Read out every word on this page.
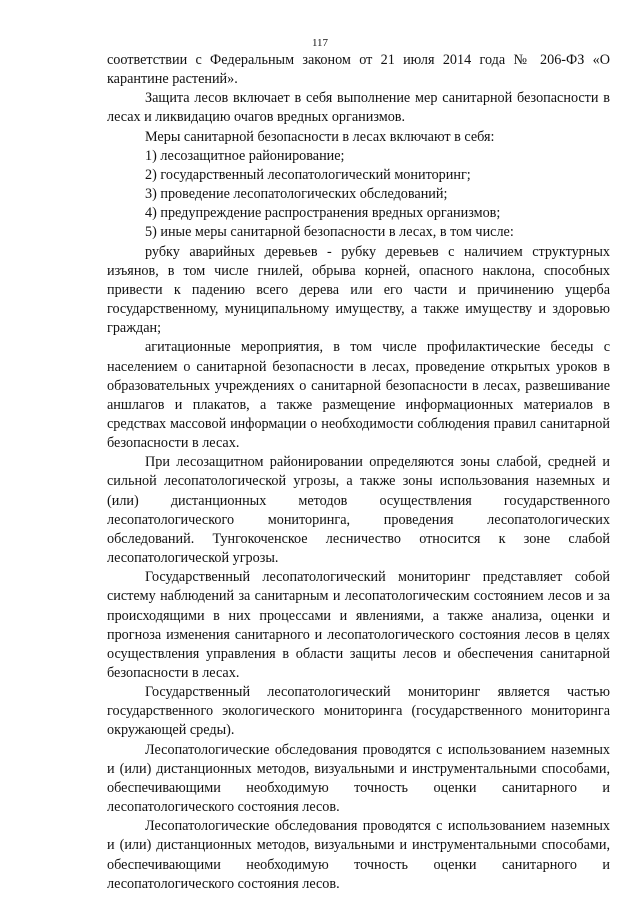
117

соответствии с Федеральным законом от 21 июля 2014 года № 206-ФЗ «О карантине растений».

Защита лесов включает в себя выполнение мер санитарной безопасности в лесах и ликвидацию очагов вредных организмов.

Меры санитарной безопасности в лесах включают в себя:

1) лесозащитное районирование;

2) государственный лесопатологический мониторинг;

3) проведение лесопатологических обследований;

4) предупреждение распространения вредных организмов;

5) иные меры санитарной безопасности в лесах, в том числе:

рубку аварийных деревьев - рубку деревьев с наличием структурных изъянов, в том числе гнилей, обрыва корней, опасного наклона, способных привести к падению всего дерева или его части и причинению ущерба государственному, муниципальному имуществу, а также имуществу и здоровью граждан;

агитационные мероприятия, в том числе профилактические беседы с населением о санитарной безопасности в лесах, проведение открытых уроков в образовательных учреждениях о санитарной безопасности в лесах, развешивание аншлагов и плакатов, а также размещение информационных материалов в средствах массовой информации о необходимости соблюдения правил санитарной безопасности в лесах.

При лесозащитном районировании определяются зоны слабой, средней и сильной лесопатологической угрозы, а также зоны использования наземных и (или) дистанционных методов осуществления государственного лесопатологического мониторинга, проведения лесопатологических обследований. Тунгокоченское лесничество относится к зоне слабой лесопатологической угрозы.

Государственный лесопатологический мониторинг представляет собой систему наблюдений за санитарным и лесопатологическим состоянием лесов и за происходящими в них процессами и явлениями, а также анализа, оценки и прогноза изменения санитарного и лесопатологического состояния лесов в целях осуществления управления в области защиты лесов и обеспечения санитарной безопасности в лесах.

Государственный лесопатологический мониторинг является частью государственного экологического мониторинга (государственного мониторинга окружающей среды).

Лесопатологические обследования проводятся с использованием наземных и (или) дистанционных методов, визуальными и инструментальными способами, обеспечивающими необходимую точность оценки санитарного и лесопатологического состояния лесов.

Лесопатологические обследования проводятся с использованием наземных и (или) дистанционных методов, визуальными и инструментальными способами, обеспечивающими необходимую точность оценки санитарного и лесопатологического состояния лесов.
